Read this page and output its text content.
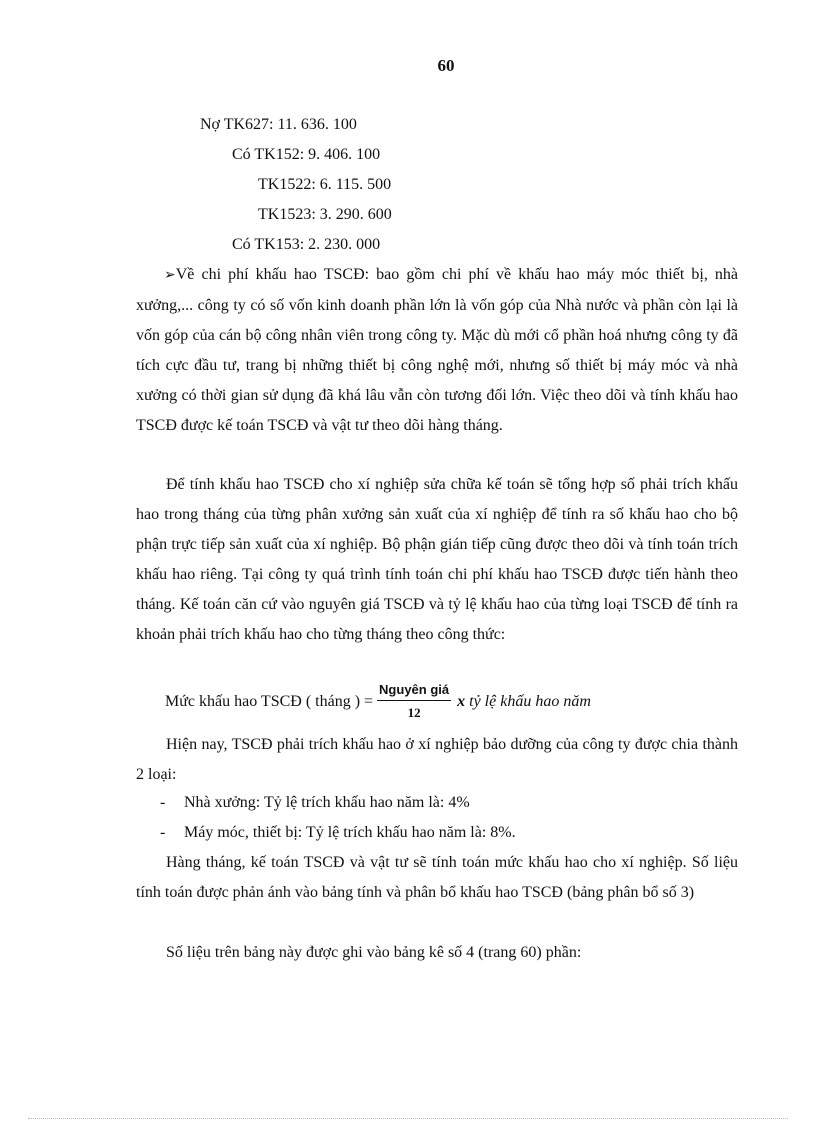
60
Nợ TK627: 11. 636. 100
Có TK152: 9. 406. 100
TK1522: 6. 115. 500
TK1523: 3. 290. 600
Có TK153: 2. 230. 000
➢Về chi phí khấu hao TSCĐ: bao gồm chi phí về khấu hao máy móc thiết bị, nhà xưởng,... công ty có số vốn kinh doanh phần lớn là vốn góp của Nhà nước và phần còn lại là vốn góp của cán bộ công nhân viên trong công ty. Mặc dù mới cổ phần hoá nhưng công ty đã tích cực đầu tư, trang bị những thiết bị công nghệ mới, nhưng số thiết bị máy móc và nhà xưởng có thời gian sử dụng đã khá lâu vẫn còn tương đối lớn. Việc theo dõi và tính khấu hao TSCĐ được kế toán TSCĐ và vật tư theo dõi hàng tháng.
Để tính khấu hao TSCĐ cho xí nghiệp sửa chữa kế toán sẽ tổng hợp số phải trích khấu hao trong tháng của từng phân xưởng sản xuất của xí nghiệp để tính ra số khấu hao cho bộ phận trực tiếp sản xuất của xí nghiệp. Bộ phận gián tiếp cũng được theo dõi và tính toán trích khấu hao riêng. Tại công ty quá trình tính toán chi phí khấu hao TSCĐ được tiến hành theo tháng. Kế toán căn cứ vào nguyên giá TSCĐ và tỷ lệ khấu hao của từng loại TSCĐ để tính ra khoản phải trích khấu hao cho từng tháng theo công thức:
Mức khấu hao TSCĐ ( tháng ) = $\frac{\text{Nguyên giá}}{12}$ x tỷ lệ khấu hao năm
Hiện nay, TSCĐ phải trích khấu hao ở xí nghiệp bảo dưỡng của công ty được chia thành 2 loại:
- Nhà xưởng: Tỷ lệ trích khấu hao năm là: 4%
- Máy móc, thiết bị: Tỷ lệ trích khấu hao năm là: 8%.
Hàng tháng, kế toán TSCĐ và vật tư sẽ tính toán mức khấu hao cho xí nghiệp. Số liệu tính toán được phản ánh vào bảng tính và phân bổ khấu hao TSCĐ (bảng phân bổ số 3)
Số liệu trên bảng này được ghi vào bảng kê số 4 (trang 60) phần:
